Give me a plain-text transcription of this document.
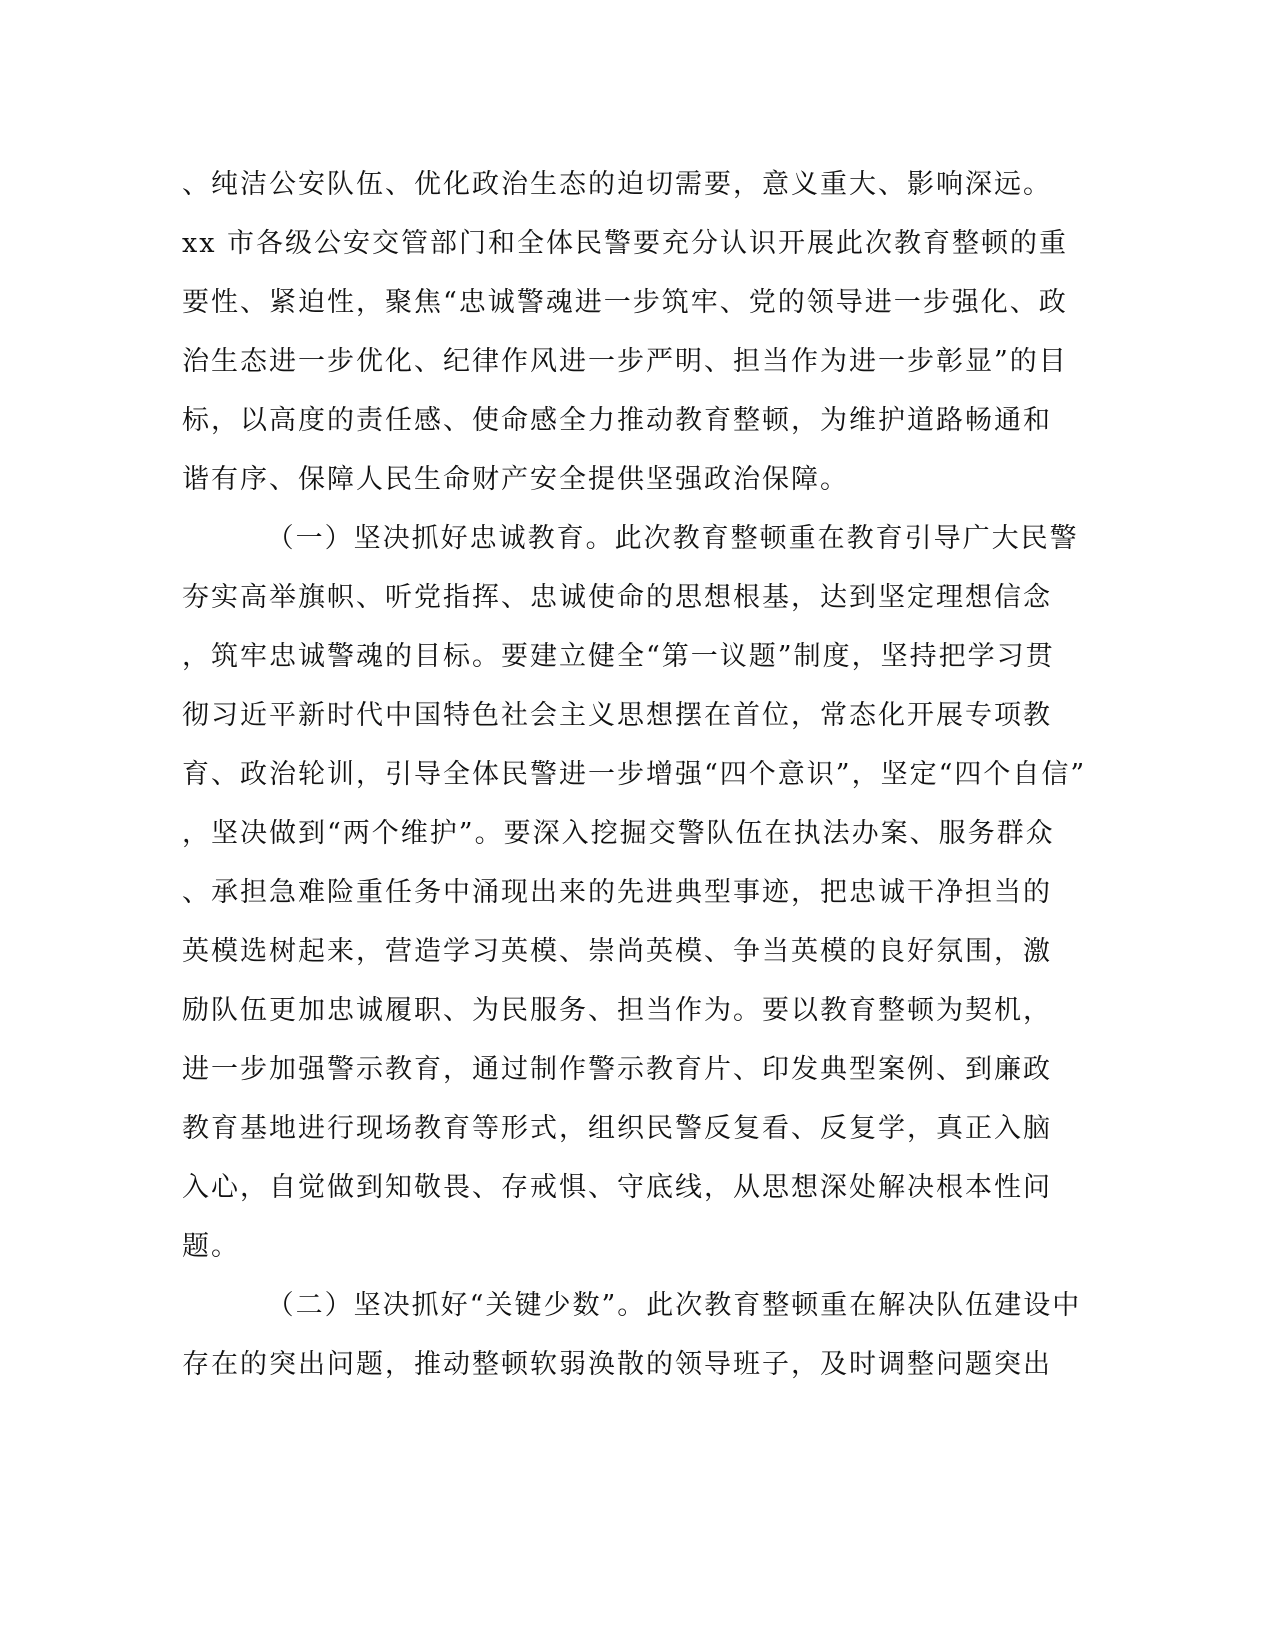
、纯洁公安队伍、优化政治生态的迫切需要，意义重大、影响深远。

xx 市各级公安交管部门和全体民警要充分认识开展此次教育整顿的重

要性、紧迫性，聚焦“忠诚警魂进一步筑牢、党的领导进一步强化、政

治生态进一步优化、纪律作风进一步严明、担当作为进一步彰显”的目

标，以高度的责任感、使命感全力推动教育整顿，为维护道路畅通和

谐有序、保障人民生命财产安全提供坚强政治保障。

（一）坚决抓好忠诚教育。此次教育整顿重在教育引导广大民警

夯实高举旗帜、听党指挥、忠诚使命的思想根基，达到坚定理想信念

，筑牢忠诚警魂的目标。要建立健全“第一议题”制度，坚持把学习贯

彻习近平新时代中国特色社会主义思想摆在首位，常态化开展专项教

育、政治轮训，引导全体民警进一步增强“四个意识”，坚定“四个自信”

，坚决做到“两个维护”。要深入挖掘交警队伍在执法办案、服务群众

、承担急难险重任务中涌现出来的先进典型事迹，把忠诚干净担当的

英模选树起来，营造学习英模、崇尚英模、争当英模的良好氛围，激

励队伍更加忠诚履职、为民服务、担当作为。要以教育整顿为契机，

进一步加强警示教育，通过制作警示教育片、印发典型案例、到廉政

教育基地进行现场教育等形式，组织民警反复看、反复学，真正入脑

入心，自觉做到知敬畏、存戒惧、守底线，从思想深处解决根本性问

题。

（二）坚决抓好“关键少数”。此次教育整顿重在解决队伍建设中

存在的突出问题，推动整顿软弱涣散的领导班子，及时调整问题突出
